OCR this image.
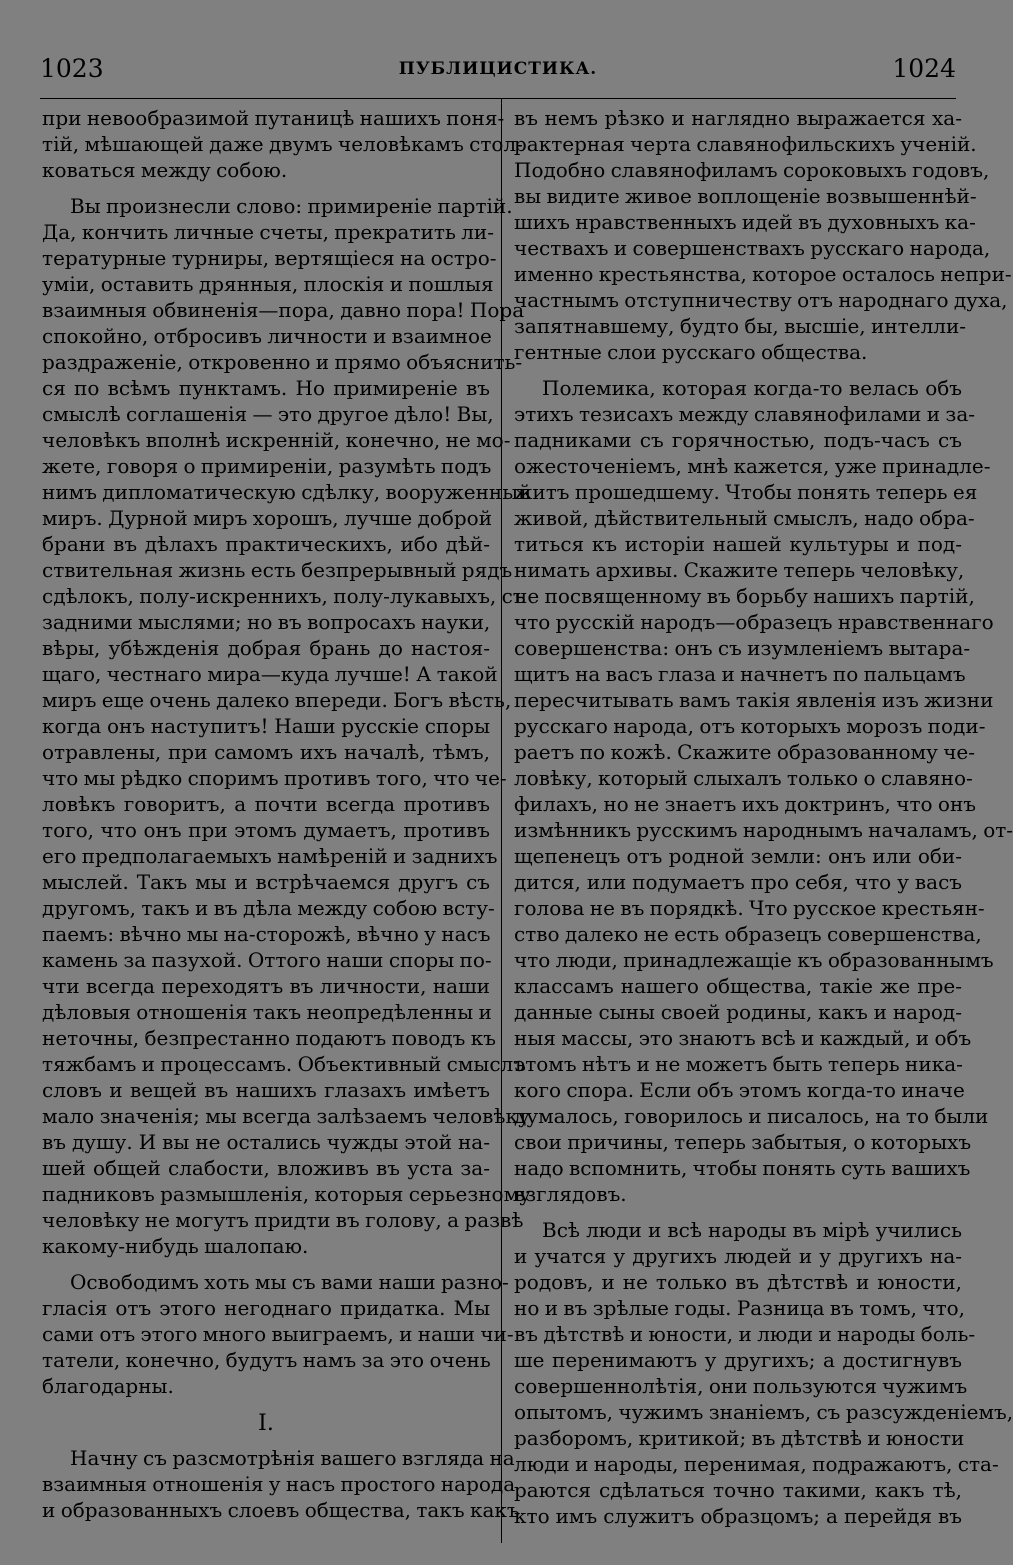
1023	ПУБЛИЦИСТИКА.	1024
при невообразимой путаницѣ нашихъ поня-
тій, мѣшающей даже двумъ человѣкамъ стол-
коваться между собою.
Вы произнесли слово: примиреніе партій.
Да, кончить личные счеты, прекратить ли-
тературные турниры, вертящіеся на остро-
уміи, оставить дрянныя, плоскія и пошлыя
взаимныя обвиненія—пора, давно пора! Пора
спокойно, отбросивъ личности и взаимное
раздраженіе, откровенно и прямо объяснить-
ся по всѣмъ пунктамъ. Но примиреніе въ
смыслѣ соглашенія — это другое дѣло! Вы,
человѣкъ вполнѣ искренній, конечно, не мо-
жете, говоря о примиреніи, разумѣть подъ
нимъ дипломатическую сдѣлку, вооруженный
миръ. Дурной миръ хорошъ, лучше доброй
брани въ дѣлахъ практическихъ, ибо дѣй-
ствительная жизнь есть безпрерывный рядъ
сдѣлокъ, полу-искреннихъ, полу-лукавыхъ, съ
задними мыслями; но въ вопросахъ науки,
вѣры, убѣжденія добрая брань до настоя-
щаго, честнаго мира—куда лучше! А такой
миръ еще очень далеко впереди. Богъ вѣсть,
когда онъ наступитъ! Наши русскіе споры
отравлены, при самомъ ихъ началѣ, тѣмъ,
что мы рѣдко споримъ противъ того, что че-
ловѣкъ говоритъ, а почти всегда противъ
того, что онъ при этомъ думаетъ, противъ
его предполагаемыхъ намѣреній и заднихъ
мыслей. Такъ мы и встрѣчаемся другъ съ
другомъ, такъ и въ дѣла между собою всту-
паемъ: вѣчно мы на-сторожѣ, вѣчно у насъ
камень за пазухой. Оттого наши споры по-
чти всегда переходятъ въ личности, наши
дѣловыя отношенія такъ неопредѣленны и
неточны, безпрестанно подаютъ поводъ къ
тяжбамъ и процессамъ. Объективный смыслъ
словъ и вещей въ нашихъ глазахъ имѣетъ
мало значенія; мы всегда залѣзаемъ человѣку
въ душу. И вы не остались чужды этой на-
шей общей слабости, вложивъ въ уста за-
падниковъ размышленія, которыя серьезному
человѣку не могутъ придти въ голову, а развѣ
какому-нибудь шалопаю.
Освободимъ хоть мы съ вами наши разно-
гласія отъ этого негоднаго придатка. Мы
сами отъ этого много выиграемъ, и наши чи-
татели, конечно, будутъ намъ за это очень
благодарны.
I.
Начну съ разсмотрѣнія вашего взгляда на
взаимныя отношенія у насъ простого народа
и образованныхъ слоевъ общества, такъ какъ
въ немъ рѣзко и наглядно выражается ха-
рактерная черта славянофильскихъ ученій.
Подобно славянофиламъ сороковыхъ годовъ,
вы видите живое воплощеніе возвышеннѣй-
шихъ нравственныхъ идей въ духовныхъ ка-
чествахъ и совершенствахъ русскаго народа,
именно крестьянства, которое осталось непри-
частнымъ отступничеству отъ народнаго духа,
запятнавшему, будто бы, высшіе, интелли-
гентные слои русскаго общества.
Полемика, которая когда-то велась объ
этихъ тезисахъ между славянофилами и за-
падниками съ горячностью, подъ-часъ съ
ожесточеніемъ, мнѣ кажется, уже принадле-
житъ прошедшему. Чтобы понять теперь ея
живой, дѣйствительный смыслъ, надо обра-
титься къ исторіи нашей культуры и под-
нимать архивы. Скажите теперь человѣку,
не посвященному въ борьбу нашихъ партій,
что русскій народъ—образецъ нравственнаго
совершенства: онъ съ изумленіемъ вытара-
щитъ на васъ глаза и начнетъ по пальцамъ
пересчитывать вамъ такія явленія изъ жизни
русскаго народа, отъ которыхъ морозъ поди-
раетъ по кожѣ. Скажите образованному че-
ловѣку, который слыхалъ только о славяно-
филахъ, но не знаетъ ихъ доктринъ, что онъ
измѣнникъ русскимъ народнымъ началамъ, от-
щепенецъ отъ родной земли: онъ или оби-
дится, или подумаетъ про себя, что у васъ
голова не въ порядкѣ. Что русское крестьян-
ство далеко не есть образецъ совершенства,
что люди, принадлежащіе къ образованнымъ
классамъ нашего общества, такіе же пре-
данные сыны своей родины, какъ и народ-
ныя массы, это знаютъ всѣ и каждый, и объ
этомъ нѣтъ и не можетъ быть теперь никa-
кого спора. Если объ этомъ когда-то иначе
думалось, говорилось и писалось, на то были
свои причины, теперь забытыя, о которыхъ
надо вспомнить, чтобы понять суть вашихъ
взглядовъ.
Всѣ люди и всѣ народы въ мірѣ учились
и учатся у другихъ людей и у другихъ на-
родовъ, и не только въ дѣтствѣ и юности,
но и въ зрѣлые годы. Разница въ томъ, что,
въ дѣтствѣ и юности, и люди и народы боль-
ше перенимаютъ у другихъ; а достигнувъ
совершеннолѣтія, они пользуются чужимъ
опытомъ, чужимъ знаніемъ, съ разсужденіемъ,
разборомъ, критикой; въ дѣтствѣ и юности
люди и народы, перенимая, подражаютъ, ста-
раются сдѣлаться точно такими, какъ тѣ,
кто имъ служитъ образцомъ; а перейдя въ
